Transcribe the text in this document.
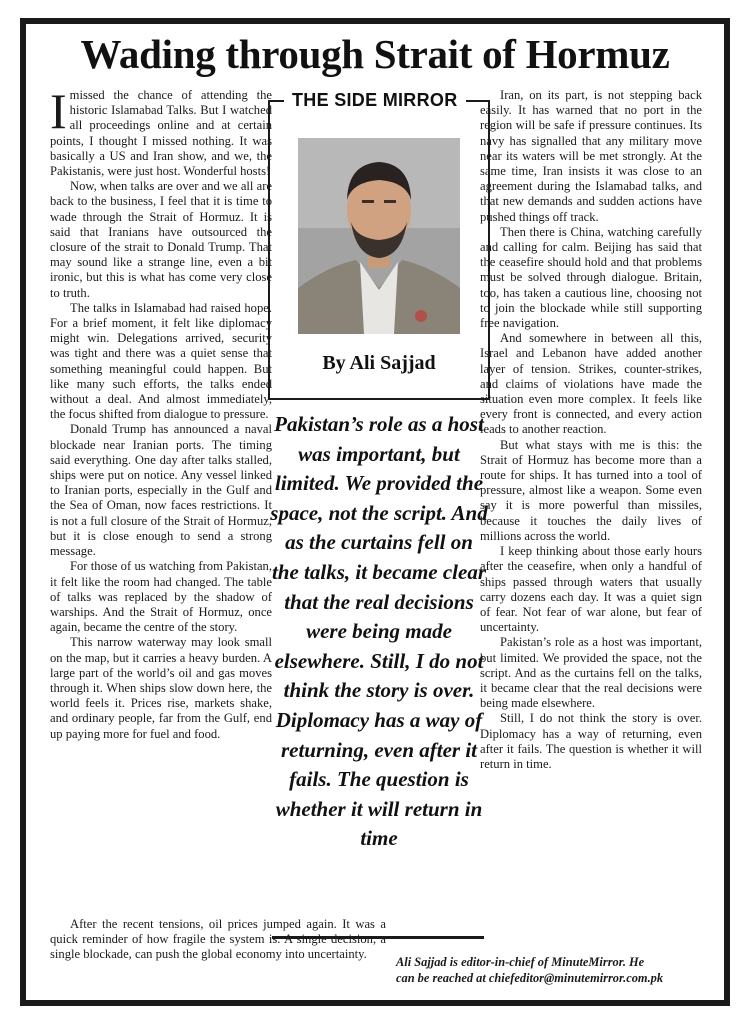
Wading through Strait of Hormuz

I missed the chance of attending the historic Islamabad Talks. But I watched all proceedings online and at certain points, I thought I missed nothing. It was basically a US and Iran show, and we, the Pakistanis, were just host. Wonderful hosts!

Now, when talks are over and we all are back to the business, I feel that it is time to wade through the Strait of Hormuz. It is said that Iranians have outsourced the closure of the strait to Donald Trump. That may sound like a strange line, even a bit ironic, but this is what has come very close to truth.

The talks in Islamabad had raised hope. For a brief moment, it felt like diplomacy might win. Delegations arrived, security was tight and there was a quiet sense that something meaningful could happen. But like many such efforts, the talks ended without a deal. And almost immediately, the focus shifted from dialogue to pressure.

Donald Trump has announced a naval blockade near Iranian ports. The timing said everything. One day after talks stalled, ships were put on notice. Any vessel linked to Iranian ports, especially in the Gulf and the Sea of Oman, now faces restrictions. It is not a full closure of the Strait of Hormuz, but it is close enough to send a strong message.

For those of us watching from Pakistan, it felt like the room had changed. The table of talks was replaced by the shadow of warships. And the Strait of Hormuz, once again, became the centre of the story.

This narrow waterway may look small on the map, but it carries a heavy burden. A large part of the world’s oil and gas moves through it. When ships slow down here, the world feels it. Prices rise, markets shake, and ordinary people, far from the Gulf, end up paying more for fuel and food.

After the recent tensions, oil prices jumped again. It was a quick reminder of how fragile the system is. A single decision, a single blockade, can push the global economy into uncertainty.

THE SIDE MIRROR
By Ali Sajjad
Pakistan’s role as a host was important, but limited. We provided the space, not the script. And as the curtains fell on the talks, it became clear that the real decisions were being made elsewhere. Still, I do not think the story is over. Diplomacy has a way of returning, even after it fails. The question is whether it will return in time

Iran, on its part, is not stepping back easily. It has warned that no port in the region will be safe if pressure continues. Its navy has signalled that any military move near its waters will be met strongly. At the same time, Iran insists it was close to an agreement during the Islamabad talks, and that new demands and sudden actions have pushed things off track.

Then there is China, watching carefully and calling for calm. Beijing has said that the ceasefire should hold and that problems must be solved through dialogue. Britain, too, has taken a cautious line, choosing not to join the blockade while still supporting free navigation.

And somewhere in between all this, Israel and Lebanon have added another layer of tension. Strikes, counter-strikes, and claims of violations have made the situation even more complex. It feels like every front is connected, and every action leads to another reaction.

But what stays with me is this: the Strait of Hormuz has become more than a route for ships. It has turned into a tool of pressure, almost like a weapon. Some even say it is more powerful than missiles, because it touches the daily lives of millions across the world.

I keep thinking about those early hours after the ceasefire, when only a handful of ships passed through waters that usually carry dozens each day. It was a quiet sign of fear. Not fear of war alone, but fear of uncertainty.

Pakistan’s role as a host was important, but limited. We provided the space, not the script. And as the curtains fell on the talks, it became clear that the real decisions were being made elsewhere.

Still, I do not think the story is over. Diplomacy has a way of returning, even after it fails. The question is whether it will return in time.

Ali Sajjad is editor-in-chief of MinuteMirror. He
can be reached at chiefeditor@minutemirror.com.pk
